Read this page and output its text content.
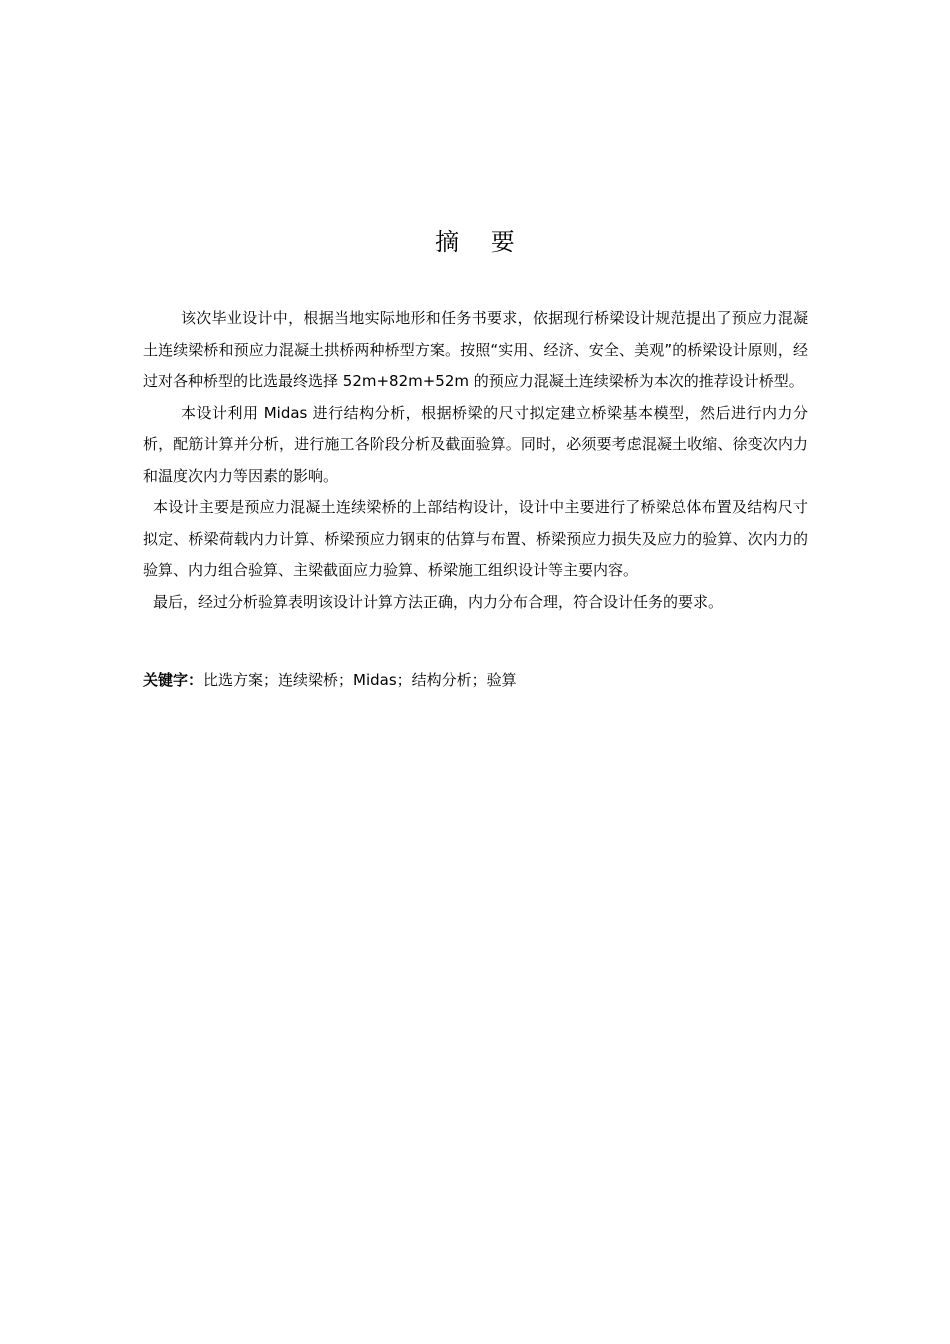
摘 要

该次毕业设计中，根据当地实际地形和任务书要求，依据现行桥梁设计规范提出了预应力混凝土连续梁桥和预应力混凝土拱桥两种桥型方案。按照“实用、经济、安全、美观”的桥梁设计原则，经过对各种桥型的比选最终选择 52m+82m+52m 的预应力混凝土连续梁桥为本次的推荐设计桥型。

本设计利用 Midas 进行结构分析，根据桥梁的尺寸拟定建立桥梁基本模型，然后进行内力分析，配筋计算并分析，进行施工各阶段分析及截面验算。同时，必须要考虑混凝土收缩、徐变次内力和温度次内力等因素的影响。

本设计主要是预应力混凝土连续梁桥的上部结构设计，设计中主要进行了桥梁总体布置及结构尺寸拟定、桥梁荷载内力计算、桥梁预应力钢束的估算与布置、桥梁预应力损失及应力的验算、次内力的验算、内力组合验算、主梁截面应力验算、桥梁施工组织设计等主要内容。

最后，经过分析验算表明该设计计算方法正确，内力分布合理，符合设计任务的要求。

关键字：比选方案；连续梁桥；Midas；结构分析；验算
